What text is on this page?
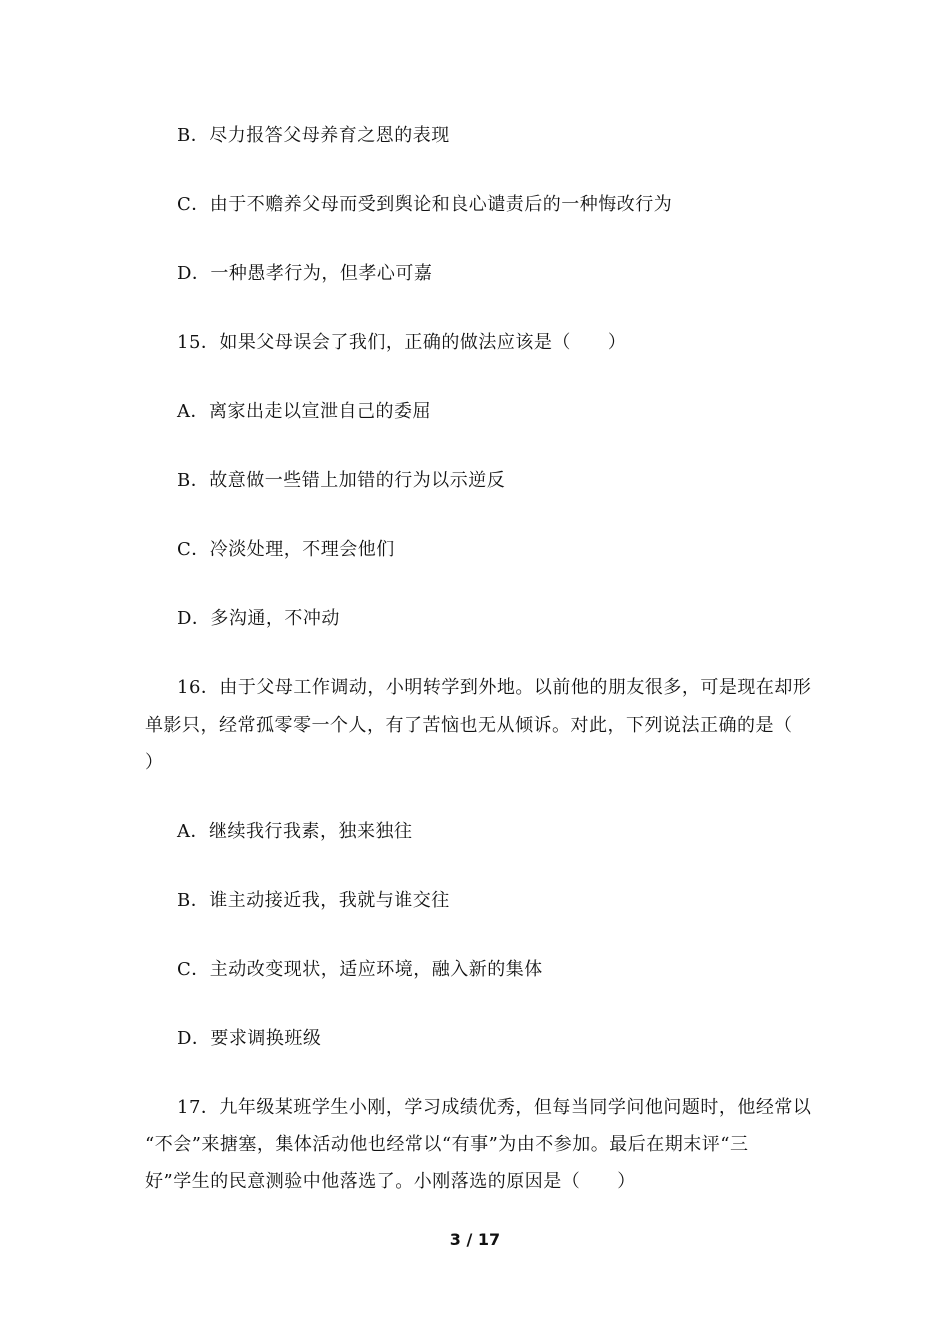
B．尽力报答父母养育之恩的表现
C．由于不赡养父母而受到舆论和良心谴责后的一种悔改行为
D．一种愚孝行为，但孝心可嘉
15．如果父母误会了我们，正确的做法应该是（　　）
A．离家出走以宣泄自己的委屈
B．故意做一些错上加错的行为以示逆反
C．冷淡处理，不理会他们
D．多沟通，不冲动
16．由于父母工作调动，小明转学到外地。以前他的朋友很多，可是现在却形
单影只，经常孤零零一个人，有了苦恼也无从倾诉。对此，下列说法正确的是（
）
A．继续我行我素，独来独往
B．谁主动接近我，我就与谁交往
C．主动改变现状，适应环境，融入新的集体
D．要求调换班级
17．九年级某班学生小刚，学习成绩优秀，但每当同学问他问题时，他经常以
“不会”来搪塞，集体活动他也经常以“有事”为由不参加。最后在期末评“三
好”学生的民意测验中他落选了。小刚落选的原因是（　　）
3 / 17
